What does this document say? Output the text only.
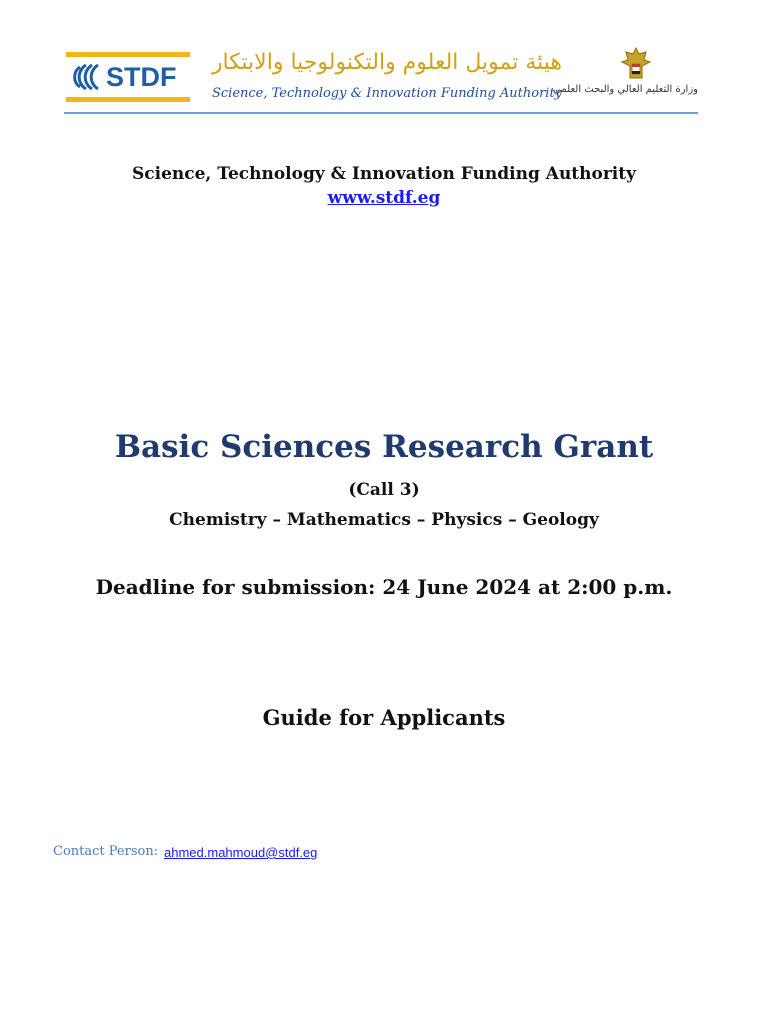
STDF هيئة تمويل العلوم والتكنولوجيا والابتكار
Science, Technology & Innovation Funding Authority
وزارة التعليم العالي والبحث العلمي
Science, Technology & Innovation Funding Authority
www.stdf.eg
Basic Sciences Research Grant
(Call 3)
Chemistry – Mathematics – Physics – Geology
Deadline for submission: 24 June 2024 at 2:00 p.m.
Guide for Applicants
Contact Person: ahmed.mahmoud@stdf.eg
